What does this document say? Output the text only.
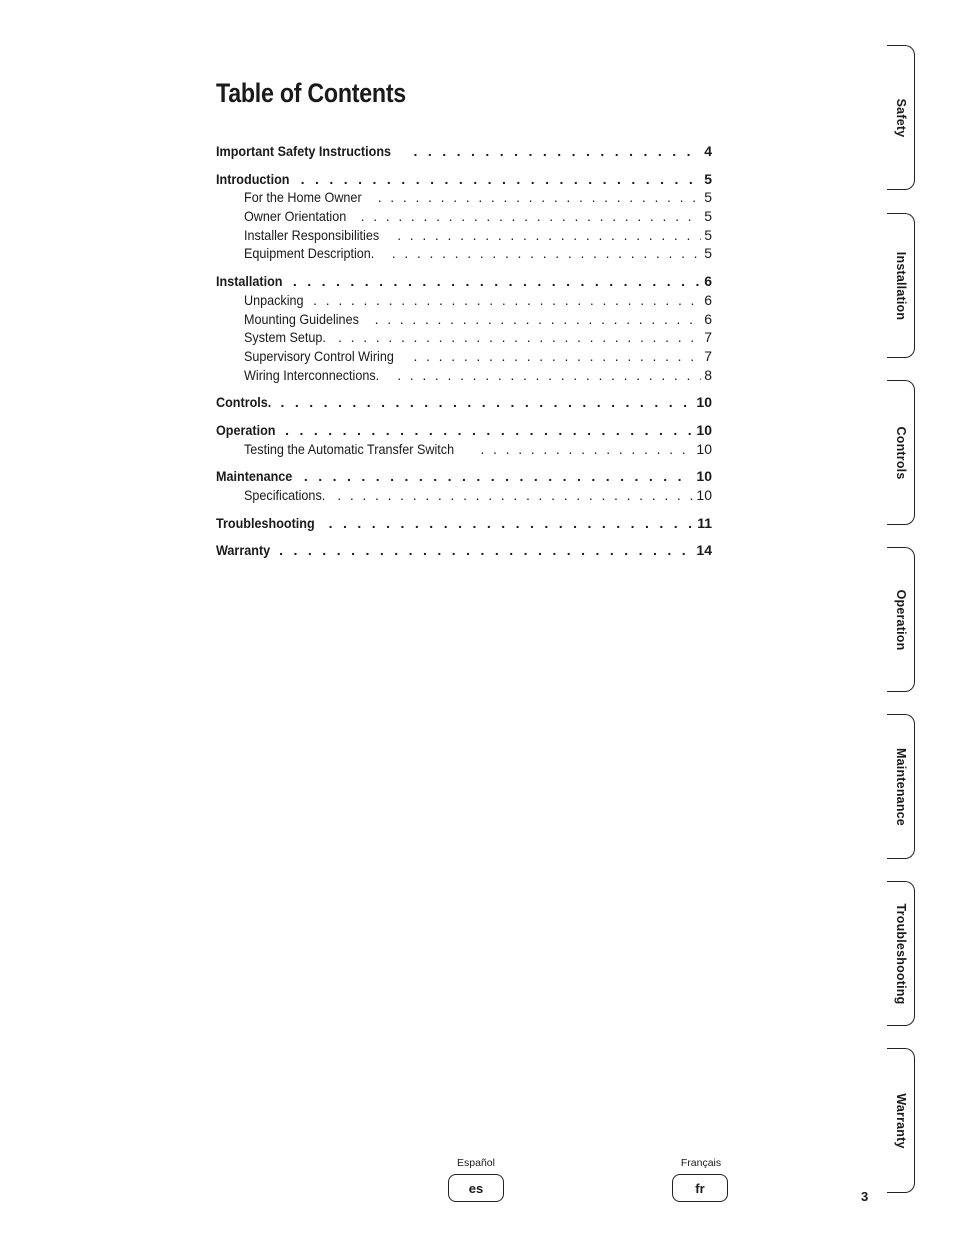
Table of Contents
Important Safety Instructions . . .	4
Introduction . . .	5
For the Home Owner . . .	5
Owner Orientation . . .	5
Installer Responsibilities . . .	5
Equipment Description. . . .	5
Installation . . .	6
Unpacking . . .	6
Mounting Guidelines . . .	6
System Setup. . . .	7
Supervisory Control Wiring . . .	7
Wiring Interconnections. . . .	8
Controls. . . .	10
Operation . . .	10
Testing the Automatic Transfer Switch . . .	10
Maintenance . . .	10
Specifications. . . .	10
Troubleshooting . . .	11
Warranty . . .	14
Safety
Installation
Controls
Operation
Maintenance
Troubleshooting
Warranty
Español
es
Français
fr
3
